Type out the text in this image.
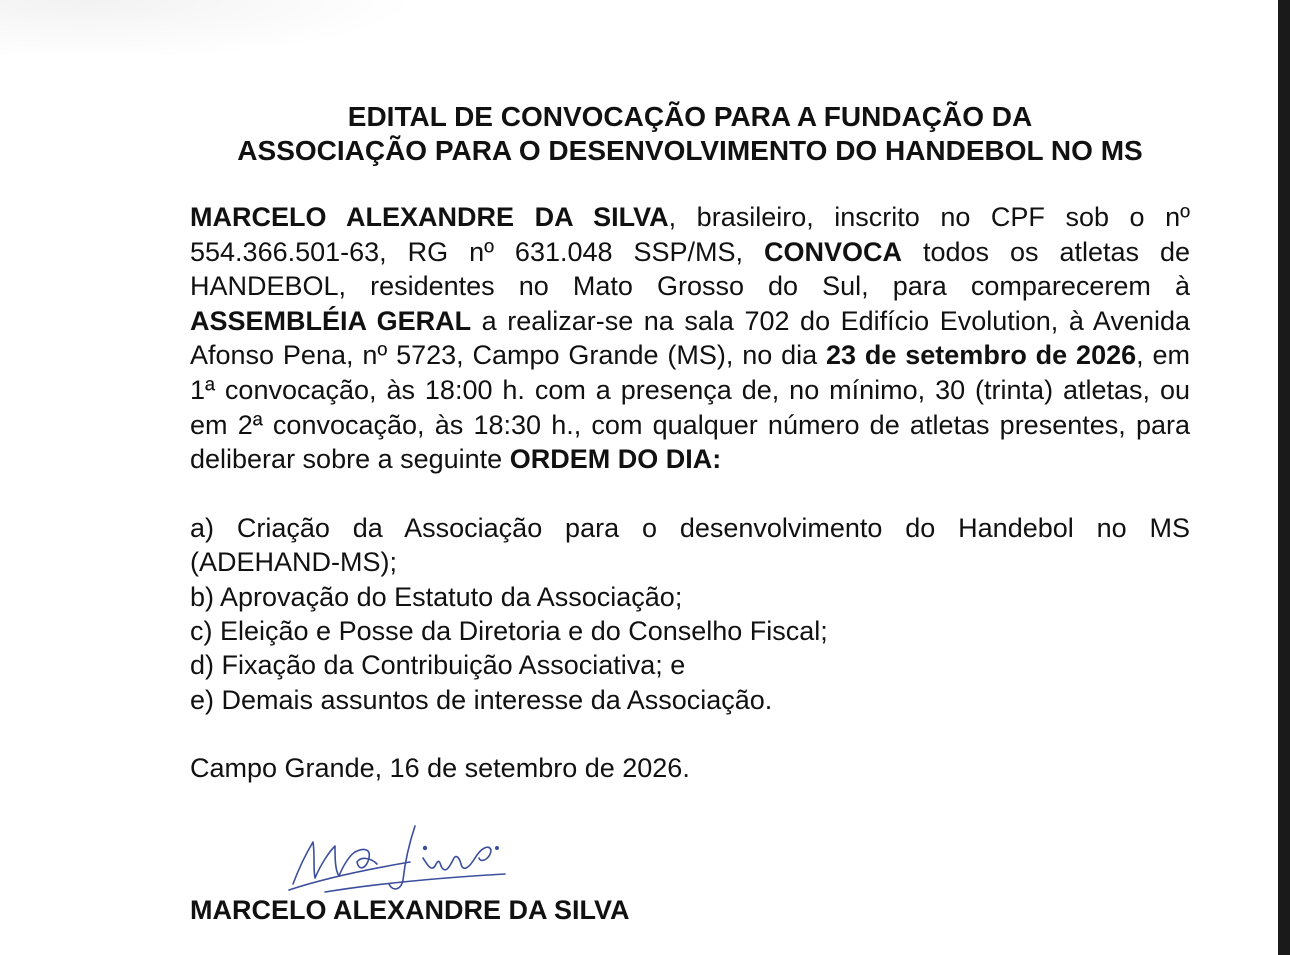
EDITAL DE CONVOCAÇÃO PARA A FUNDAÇÃO DA
ASSOCIAÇÃO PARA O DESENVOLVIMENTO DO HANDEBOL NO MS
MARCELO ALEXANDRE DA SILVA, brasileiro, inscrito no CPF sob o nº 554.366.501-63, RG nº 631.048 SSP/MS, CONVOCA todos os atletas de HANDEBOL, residentes no Mato Grosso do Sul, para comparecerem à ASSEMBLÉIA GERAL a realizar-se na sala 702 do Edifício Evolution, à Avenida Afonso Pena, nº 5723, Campo Grande (MS), no dia 23 de setembro de 2026, em 1ª convocação, às 18:00 h. com a presença de, no mínimo, 30 (trinta) atletas, ou em 2ª convocação, às 18:30 h., com qualquer número de atletas presentes, para deliberar sobre a seguinte ORDEM DO DIA:
a) Criação da Associação para o desenvolvimento do Handebol no MS (ADEHAND-MS);
b) Aprovação do Estatuto da Associação;
c) Eleição e Posse da Diretoria e do Conselho Fiscal;
d) Fixação da Contribuição Associativa; e
e) Demais assuntos de interesse da Associação.
Campo Grande, 16 de setembro de 2026.
MARCELO ALEXANDRE DA SILVA
